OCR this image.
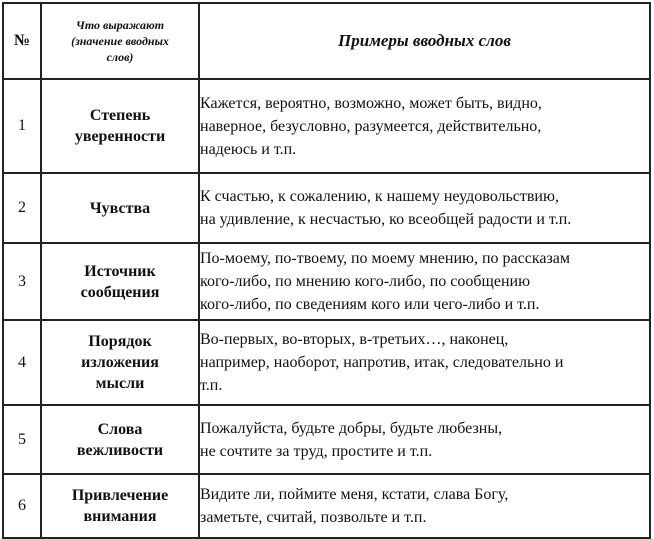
№	Что выражают
(значение вводных
слов)	Примеры вводных слов
1	Степень
уверенности	Кажется, вероятно, возможно, может быть, видно,
наверное, безусловно, разумеется, действительно,
надеюсь и т.п.

2	Чувства	К счастью, к сожалению, к нашему неудовольствию,
на удивление, к несчастью, ко всеобщей радости и т.п.

3	Источник
сообщения	По-моему, по-твоему, по моему мнению, по рассказам
кого-либо, по мнению кого-либо, по сообщению
кого-либо, по сведениям кого или чего-либо и т.п.

4	Порядок
изложения
мысли	Во-первых, во-вторых, в-третьих…, наконец,
например, наоборот, напротив, итак, следовательно и
т.п.

5	Слова
вежливости	Пожалуйста, будьте добры, будьте любезны,
не сочтите за труд, простите и т.п.

6	Привлечение
внимания	Видите ли, поймите меня, кстати, слава Богу,
заметьте, считай, позвольте и т.п.
